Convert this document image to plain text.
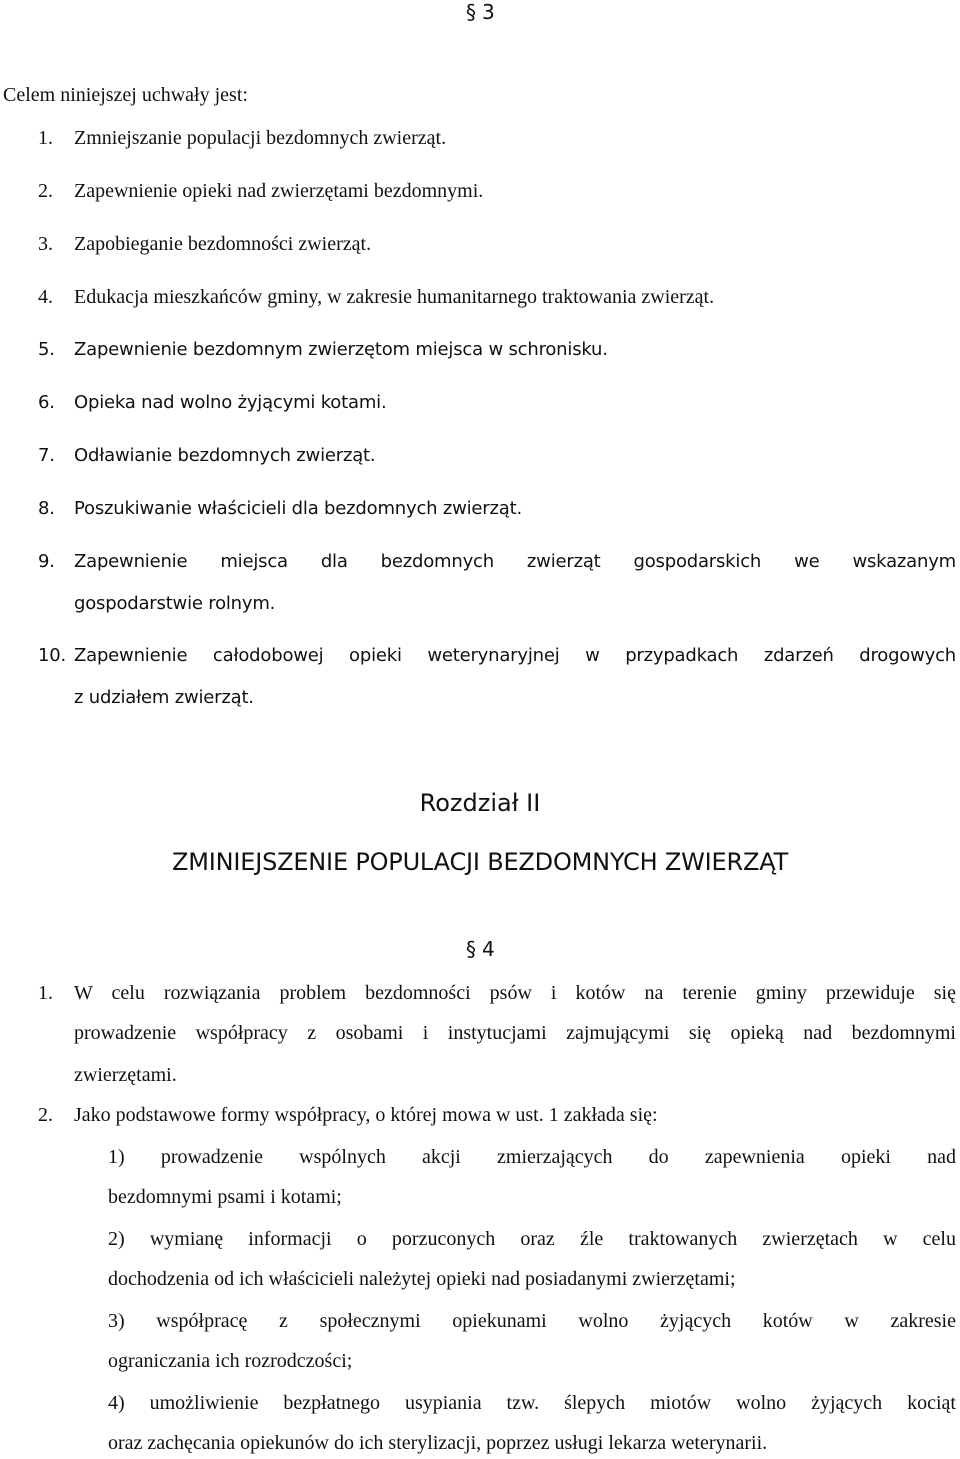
§ 3
Celem niniejszej uchwały jest:
1. Zmniejszanie populacji bezdomnych zwierząt.
2. Zapewnienie opieki nad zwierzętami bezdomnymi.
3. Zapobieganie bezdomności zwierząt.
4. Edukacja mieszkańców gminy, w zakresie humanitarnego traktowania zwierząt.
5. Zapewnienie bezdomnym zwierzętom miejsca w schronisku.
6. Opieka nad wolno żyjącymi kotami.
7. Odławianie bezdomnych zwierząt.
8. Poszukiwanie właścicieli dla bezdomnych zwierząt.
9. Zapewnienie miejsca dla bezdomnych zwierząt gospodarskich we wskazanym
gospodarstwie rolnym.
10. Zapewnienie całodobowej opieki weterynaryjnej w przypadkach zdarzeń drogowych
z udziałem zwierząt.
Rozdział II
ZMINIEJSZENIE POPULACJI BEZDOMNYCH ZWIERZĄT
§ 4
1. W celu rozwiązania problem bezdomności psów i kotów na terenie gminy przewiduje się
prowadzenie współpracy z osobami i instytucjami zajmującymi się opieką nad bezdomnymi
zwierzętami.
2. Jako podstawowe formy współpracy, o której mowa w ust. 1 zakłada się:
1) prowadzenie wspólnych akcji zmierzających do zapewnienia opieki nad
bezdomnymi psami i kotami;
2) wymianę informacji o porzuconych oraz źle traktowanych zwierzętach w celu
dochodzenia od ich właścicieli należytej opieki nad posiadanymi zwierzętami;
3) współpracę z społecznymi opiekunami wolno żyjących kotów w zakresie
ograniczania ich rozrodczości;
4) umożliwienie bezpłatnego usypiania tzw. ślepych miotów wolno żyjących kociąt
oraz zachęcania opiekunów do ich sterylizacji, poprzez usługi lekarza weterynarii.
